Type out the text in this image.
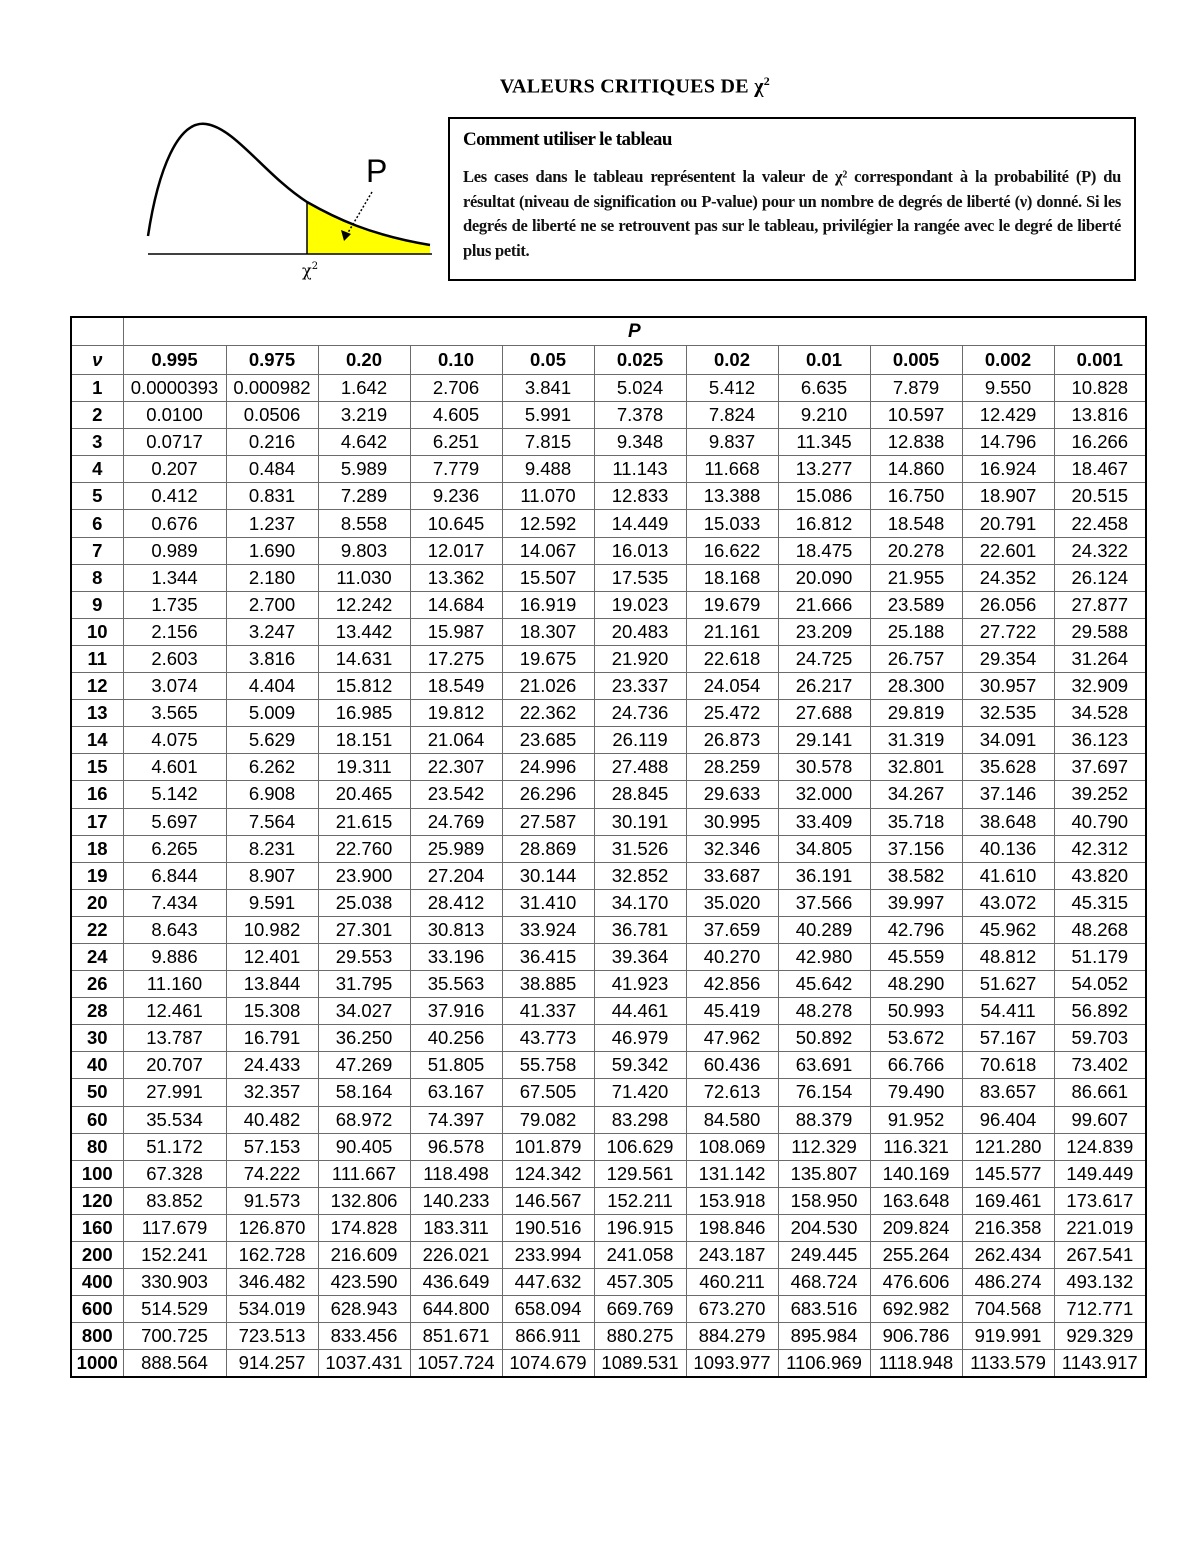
VALEURS CRITIQUES DE $\chi^2$
P
$\chi^2$
Comment utiliser le tableau

Les cases dans le tableau représentent la valeur de χ² correspondant à la probabilité (P) du résultat (niveau de signification ou P-value) pour un nombre de degrés de liberté (ν) donné. Si les degrés de liberté ne se retrouvent pas sur le tableau, privilégier la rangée avec le degré de liberté plus petit.

	P										
ν	0.995	0.975	0.20	0.10	0.05	0.025	0.02	0.01	0.005	0.002	0.001
1	0.0000393	0.000982	1.642	2.706	3.841	5.024	5.412	6.635	7.879	9.550	10.828
2	0.0100	0.0506	3.219	4.605	5.991	7.378	7.824	9.210	10.597	12.429	13.816
3	0.0717	0.216	4.642	6.251	7.815	9.348	9.837	11.345	12.838	14.796	16.266
4	0.207	0.484	5.989	7.779	9.488	11.143	11.668	13.277	14.860	16.924	18.467
5	0.412	0.831	7.289	9.236	11.070	12.833	13.388	15.086	16.750	18.907	20.515
6	0.676	1.237	8.558	10.645	12.592	14.449	15.033	16.812	18.548	20.791	22.458
7	0.989	1.690	9.803	12.017	14.067	16.013	16.622	18.475	20.278	22.601	24.322
8	1.344	2.180	11.030	13.362	15.507	17.535	18.168	20.090	21.955	24.352	26.124
9	1.735	2.700	12.242	14.684	16.919	19.023	19.679	21.666	23.589	26.056	27.877
10	2.156	3.247	13.442	15.987	18.307	20.483	21.161	23.209	25.188	27.722	29.588
11	2.603	3.816	14.631	17.275	19.675	21.920	22.618	24.725	26.757	29.354	31.264
12	3.074	4.404	15.812	18.549	21.026	23.337	24.054	26.217	28.300	30.957	32.909
13	3.565	5.009	16.985	19.812	22.362	24.736	25.472	27.688	29.819	32.535	34.528
14	4.075	5.629	18.151	21.064	23.685	26.119	26.873	29.141	31.319	34.091	36.123
15	4.601	6.262	19.311	22.307	24.996	27.488	28.259	30.578	32.801	35.628	37.697
16	5.142	6.908	20.465	23.542	26.296	28.845	29.633	32.000	34.267	37.146	39.252
17	5.697	7.564	21.615	24.769	27.587	30.191	30.995	33.409	35.718	38.648	40.790
18	6.265	8.231	22.760	25.989	28.869	31.526	32.346	34.805	37.156	40.136	42.312
19	6.844	8.907	23.900	27.204	30.144	32.852	33.687	36.191	38.582	41.610	43.820
20	7.434	9.591	25.038	28.412	31.410	34.170	35.020	37.566	39.997	43.072	45.315
22	8.643	10.982	27.301	30.813	33.924	36.781	37.659	40.289	42.796	45.962	48.268
24	9.886	12.401	29.553	33.196	36.415	39.364	40.270	42.980	45.559	48.812	51.179
26	11.160	13.844	31.795	35.563	38.885	41.923	42.856	45.642	48.290	51.627	54.052
28	12.461	15.308	34.027	37.916	41.337	44.461	45.419	48.278	50.993	54.411	56.892
30	13.787	16.791	36.250	40.256	43.773	46.979	47.962	50.892	53.672	57.167	59.703
40	20.707	24.433	47.269	51.805	55.758	59.342	60.436	63.691	66.766	70.618	73.402
50	27.991	32.357	58.164	63.167	67.505	71.420	72.613	76.154	79.490	83.657	86.661
60	35.534	40.482	68.972	74.397	79.082	83.298	84.580	88.379	91.952	96.404	99.607
80	51.172	57.153	90.405	96.578	101.879	106.629	108.069	112.329	116.321	121.280	124.839
100	67.328	74.222	111.667	118.498	124.342	129.561	131.142	135.807	140.169	145.577	149.449
120	83.852	91.573	132.806	140.233	146.567	152.211	153.918	158.950	163.648	169.461	173.617
160	117.679	126.870	174.828	183.311	190.516	196.915	198.846	204.530	209.824	216.358	221.019
200	152.241	162.728	216.609	226.021	233.994	241.058	243.187	249.445	255.264	262.434	267.541
400	330.903	346.482	423.590	436.649	447.632	457.305	460.211	468.724	476.606	486.274	493.132
600	514.529	534.019	628.943	644.800	658.094	669.769	673.270	683.516	692.982	704.568	712.771
800	700.725	723.513	833.456	851.671	866.911	880.275	884.279	895.984	906.786	919.991	929.329
1000	888.564	914.257	1037.431	1057.724	1074.679	1089.531	1093.977	1106.969	1118.948	1133.579	1143.917
